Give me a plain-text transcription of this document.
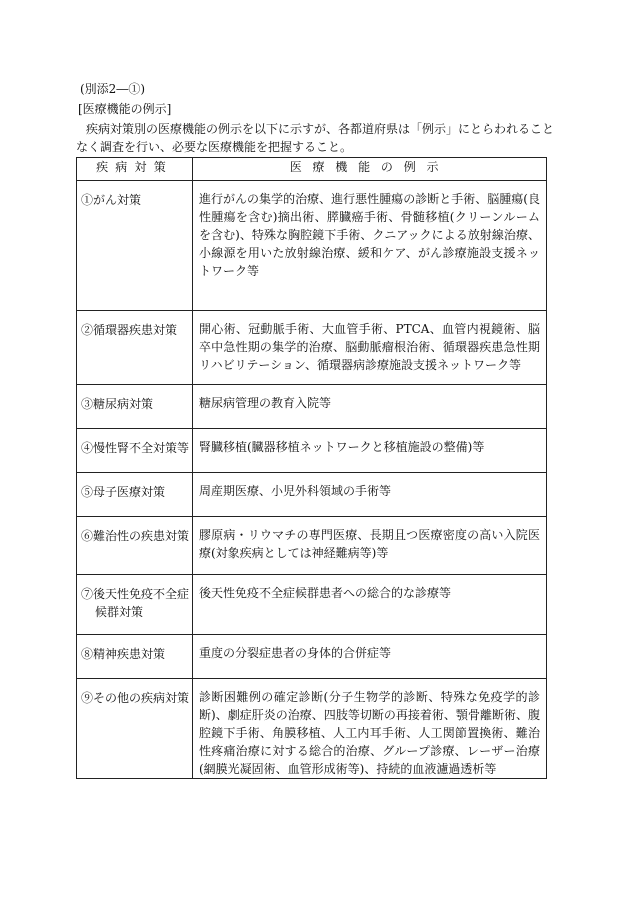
(別添2―①)
[医療機能の例示]
疾病対策別の医療機能の例示を以下に示すが、各都道府県は「例示」にとらわれること
なく調査を行い、必要な医療機能を把握すること。
疾病対策	医療機能の例示
①がん対策	進行がんの集学的治療、進行悪性腫瘍の診断と手術、脳腫瘍(良性腫瘍を含む)摘出術、膵臓癌手術、骨髄移植(クリーンルームを含む)、特殊な胸腔鏡下手術、クニアックによる放射線治療、小線源を用いた放射線治療、緩和ケア、がん診療施設支援ネットワーク等
②循環器疾患対策	開心術、冠動脈手術、大血管手術、PTCA、血管内視鏡術、脳卒中急性期の集学的治療、脳動脈瘤根治術、循環器疾患急性期リハビリテーション、循環器病診療施設支援ネットワーク等
③糖尿病対策	糖尿病管理の教育入院等
④慢性腎不全対策等	腎臓移植(臓器移植ネットワークと移植施設の整備)等
⑤母子医療対策	周産期医療、小児外科領域の手術等
⑥難治性の疾患対策	膠原病・リウマチの専門医療、長期且つ医療密度の高い入院医療(対象疾病としては神経難病等)等
⑦後天性免疫不全症
候群対策	後天性免疫不全症候群患者への総合的な診療等
⑧精神疾患対策	重度の分裂症患者の身体的合併症等
⑨その他の疾病対策	診断困難例の確定診断(分子生物学的診断、特殊な免疫学的診断)、劇症肝炎の治療、四肢等切断の再接着術、顎骨離断術、腹腔鏡下手術、角膜移植、人工内耳手術、人工関節置換術、難治性疼痛治療に対する総合的治療、グループ診療、レーザー治療(網膜光凝固術、血管形成術等)、持続的血液濾過透析等
